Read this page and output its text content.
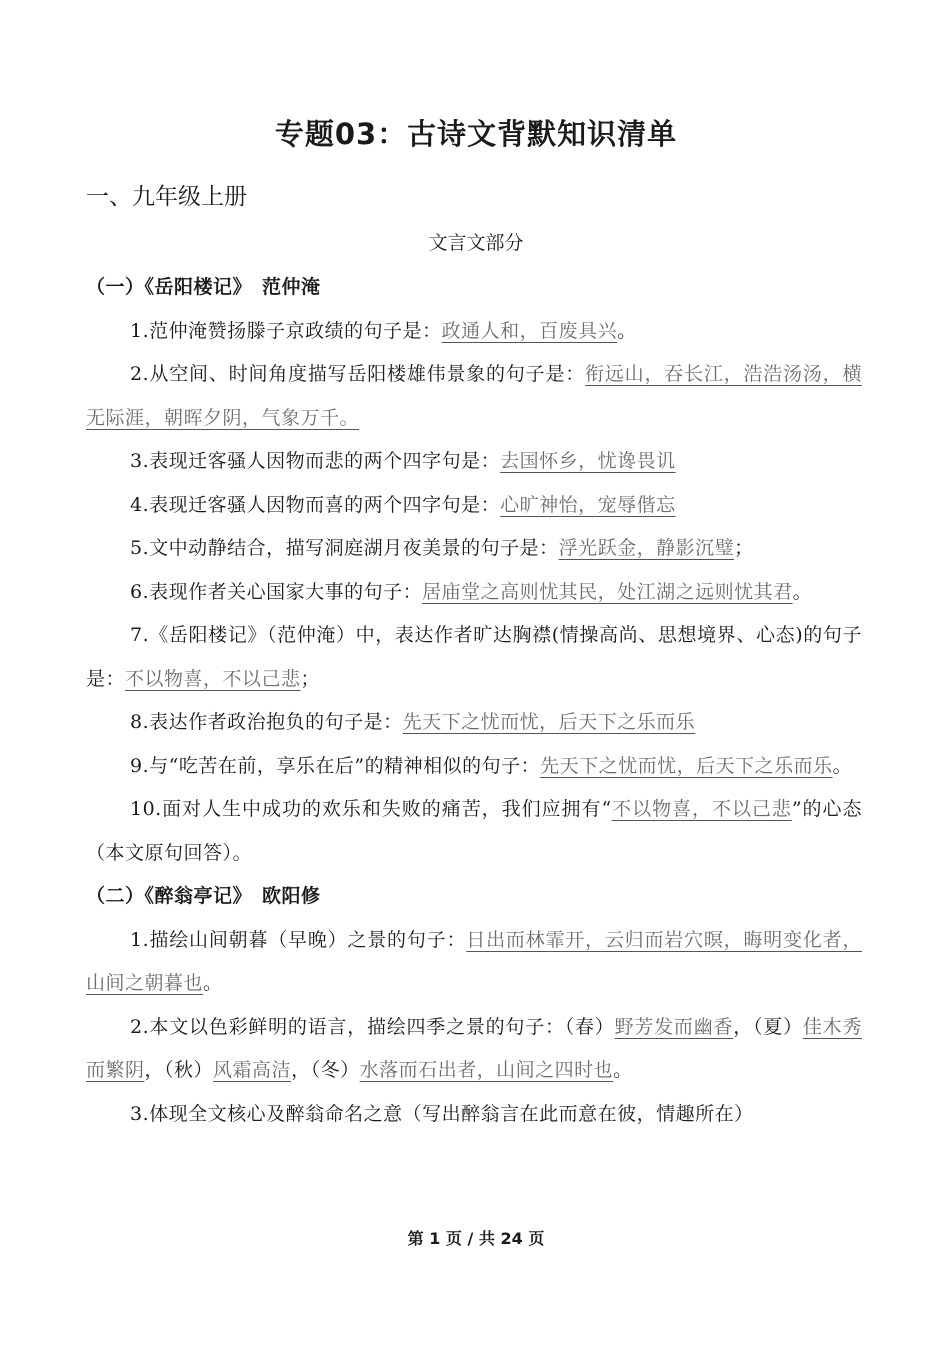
专题03：古诗文背默知识清单
一、九年级上册
文言文部分
（一）《岳阳楼记》　范仲淹
1.范仲淹赞扬滕子京政绩的句子是：政通人和，百废具兴。
2.从空间、时间角度描写岳阳楼雄伟景象的句子是：衔远山，吞长江，浩浩汤汤，横无际涯，朝晖夕阴，气象万千。
3.表现迁客骚人因物而悲的两个四字句是：去国怀乡，忧谗畏讥
4.表现迁客骚人因物而喜的两个四字句是：心旷神怡，宠辱偕忘
5.文中动静结合，描写洞庭湖月夜美景的句子是：浮光跃金，静影沉璧；
6.表现作者关心国家大事的句子：居庙堂之高则忧其民，处江湖之远则忧其君。
7.《岳阳楼记》（范仲淹）中，表达作者旷达胸襟(情操高尚、思想境界、心态)的句子是：不以物喜，不以己悲；
8.表达作者政治抱负的句子是：先天下之忧而忧，后天下之乐而乐
9.与“吃苦在前，享乐在后”的精神相似的句子：先天下之忧而忧，后天下之乐而乐。
10.面对人生中成功的欢乐和失败的痛苦，我们应拥有“不以物喜，不以己悲”的心态（本文原句回答）。
（二）《醉翁亭记》　欧阳修
1.描绘山间朝暮（早晚）之景的句子：日出而林霏开，云归而岩穴暝，晦明变化者，山间之朝暮也。
2.本文以色彩鲜明的语言，描绘四季之景的句子：（春）野芳发而幽香，（夏）佳木秀而繁阴，（秋）风霜高洁，（冬）水落而石出者，山间之四时也。
3.体现全文核心及醉翁命名之意（写出醉翁言在此而意在彼，情趣所在）
第 1 页 / 共 24 页
